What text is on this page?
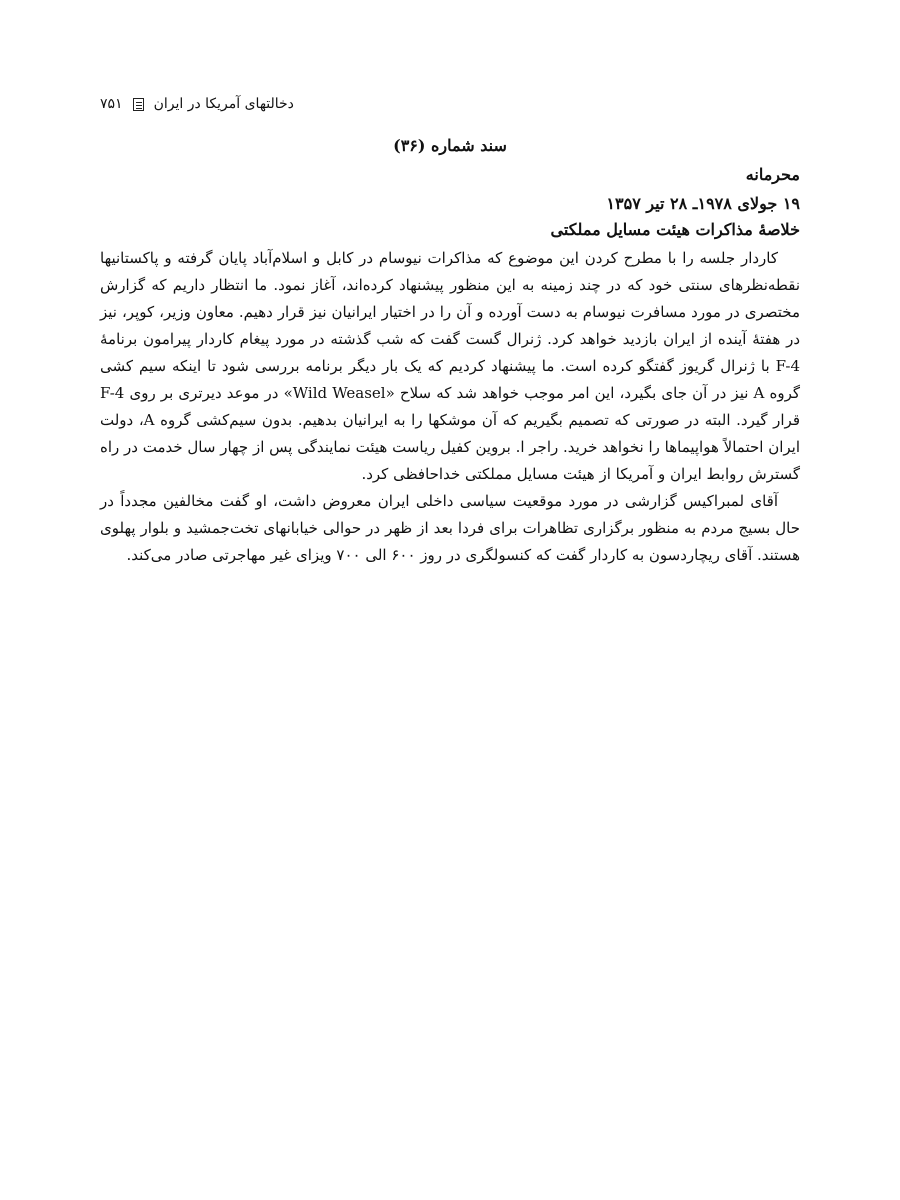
۷۵۱ دخالتهای آمریکا در ایران
سند شماره (۳۶)
محرمانه
۱۹ جولای ۱۹۷۸ـ ۲۸ تیر ۱۳۵۷
خلاصهٔ مذاکرات هیئت مسایل مملکتی

کاردار جلسه را با مطرح کردن این موضوع که مذاکرات نیوسام در کابل و اسلام‌آباد پایان گرفته و پاکستانیها نقطه‌نظرهای سنتی خود که در چند زمینه به این منظور پیشنهاد کرده‌اند، آغاز نمود. ما انتظار داریم که گزارش مختصری در مورد مسافرت نیوسام به دست آورده و آن را در اختیار ایرانیان نیز قرار دهیم. معاون وزیر، کوپر، نیز در هفتهٔ آینده از ایران بازدید خواهد کرد. ژنرال گست گفت که شب گذشته در مورد پیغام کاردار پیرامون برنامهٔ F-4 با ژنرال گریوز گفتگو کرده است. ما پیشنهاد کردیم که یک بار دیگر برنامه بررسی شود تا اینکه سیم کشی گروه A نیز در آن جای بگیرد، این امر موجب خواهد شد که سلاح «Wild Weasel» در موعد دیرتری بر روی F-4 قرار گیرد. البته در صورتی که تصمیم بگیریم که آن موشکها را به ایرانیان بدهیم. بدون سیم‌کشی گروه A، دولت ایران احتمالاً هواپیماها را نخواهد خرید. راجر ا. بروین کفیل ریاست هیئت نمایندگی پس از چهار سال خدمت در راه گسترش روابط ایران و آمریکا از هیئت مسایل مملکتی خداحافظی کرد.

آقای لمبراکیس گزارشی در مورد موقعیت سیاسی داخلی ایران معروض داشت، او گفت مخالفین مجدداً در حال بسیج مردم به منظور برگزاری تظاهرات برای فردا بعد از ظهر در حوالی خیابانهای تخت‌جمشید و بلوار پهلوی هستند. آقای ریچاردسون به کاردار گفت که کنسولگری در روز ۶۰۰ الی ۷۰۰ ویزای غیر مهاجرتی صادر می‌کند.
